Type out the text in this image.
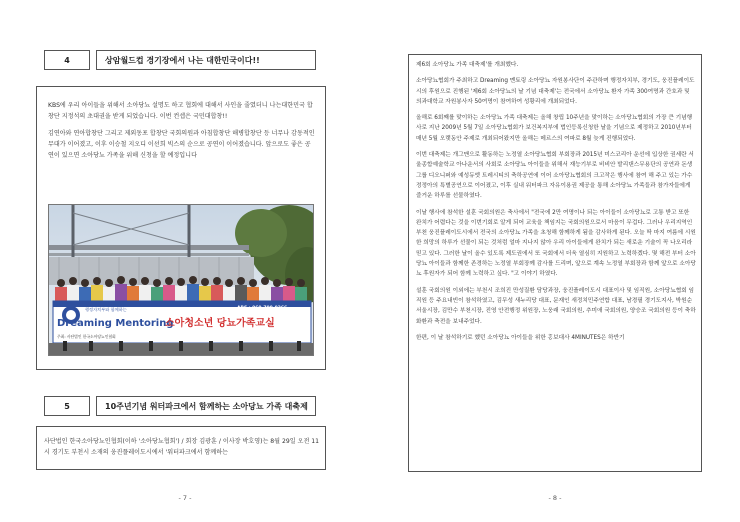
4	상암월드컵 경기장에서 나는 대한민국이다!!

KBS에 우리 아이들을 위해서 소아당뇨 설명도 하고 협회에 대해서 사인을 줄였더니 나는대한민국 합창단 지정석의 초대권을 받게 되었습니다. 이번 컨셉은 국민대합창!!

김연아와 연아합창단 그리고 제외동포 합창단 국회의원과 아침합창단 해병합창단 등 너무나 감동적인 무대가 이어졌고, 이후 이승철 지오디 이선희 빅스의 순으로 공연이 이어졌습니다. 앞으로도 좋은 공연이 있으면 소아당뇨 가족을 위해 신청을 할 예정입니다

행정자치부와 함께하는
Dreaming Mentoring
소아청소년 당뇨가족교실
ARS : 060-700-0366
주최: 사단법인 한국소아당뇨인협회
5	10주년기념 워터파크에서 함께하는 소아당뇨 가족 대축제

사단법인 한국소아당뇨인협회(이하 '소아당뇨협회') / 회장 김광훈 / 이사장 박호영)는 8월 29일 오전 11시 경기도 부천시 소재의 웅진플레이도시에서 '워터파크에서 함께하는

- 7 -

제6회 소아당뇨 가족 대축제'를 개최했다.

소아당뇨협회가 주최하고 Dreaming 멘토링 소아당뇨 자원봉사단이 주관하며 행정자치부, 경기도, 웅진플레이도시의 후원으로 진행된 '제6회 소아당뇨의 날 기념 대축제'는 전국에서 소아당뇨 환자 가족 300여명과 간호과 및 의과대학교 자원봉사자 50여명이 참여하여 성황리에 개최되었다.

올해로 6회째를 맞이하는 소아당뇨 가족 대축제는 올해 창립 10주년을 맞이하는 소아당뇨협회의 가장 큰 기념행사로 지난 2009년 5월 7일 소아당뇨협회가 보건복지부에 법인등록신청한 날을 기념으로 제정하고 2010년부터 매년 5월 오랫동안 주제로 개최되어왔지만 올해는 메르스의 여파로 8월 늦게 진행되었다.

이번 대축제는 개그맨으로 활동하는 노정열 소아당뇨협회 부회장과 2015년 미스코리아 운선에 입상한 권세란 서울종합예술학교 아나운서의 사회로 소아당뇨 아이들을 위해서 재능기부로 비비안 발리댄스무용단의 공연과 돈생그룹 디오니퍼와 예성듀엣 트레시티의 축하공연에 이어 소아당뇨협회의 크고작은 행사에 참여 해 주고 있는 가수 정정아의 특별공연으로 이어졌고, 이후 실내 워터파크 자유이용권 제공을 통해 소아당뇨 가족들과 참가자들에게 즐거운 하루를 선물하였다.

이날 행사에 참석한 설훈 국회의원은 축사에서 "전국에 2만 여명이나 되는 아이들이 소아당뇨로 고통 받고 또한 완치가 어렵다는 것을 이번기회로 알게 되어 교육을 책임지는 국회의원으로서 마음이 무겁다. 그러나 우리지역인 부천 웅진플레이도시에서 전국의 소아당뇨 가족을 초청해 함께하게 됨을 감사하게 된다. 오늘 딱 마지 여름에 시원한 희망의 하루가 선물이 되는 것처럼 얼마 지나지 않아 우리 아이들에게 완치가 되는 새로운 기술이 꼭 나오리라 믿고 있다. 그러한 날이 올수 있도록 제도권에서 또 국회에서 더욱 열심히 지원하고 노력하겠다. 몇 해전 부터 소아당뇨 아이들과 함께한 존경하는 노정열 부회장께 감사를 드리며, 앞으로 계속 노정열 부회장과 함께 앞으로 소아당뇨 후원자가 되어 함께 노력하고 싶다. "고 이야기 하였다.

설훈 국회의원 이외에는 부천시 조희진 만성질환 담당과장, 웅진플레이도시 대표이사 및 임직원, 소아당뇨협회 임직원 등 주요내빈이 참석하였고, 김무성 새누리당 대표, 문재인 새정치민주연합 대표, 남경필 경기도지사, 박원순 서울시장, 김만수 부천시장, 진영 안전행정 위원장, 노웅래 국회의원, 추미애 국회의원, 양승조 국회의원 등이 축하화환과 축전을 보내주었다.

한편, 이 날 참석하기로 했던 소아당뇨 아이들을 위한 홍보대사 4MINUTES은 하반기

- 8 -
